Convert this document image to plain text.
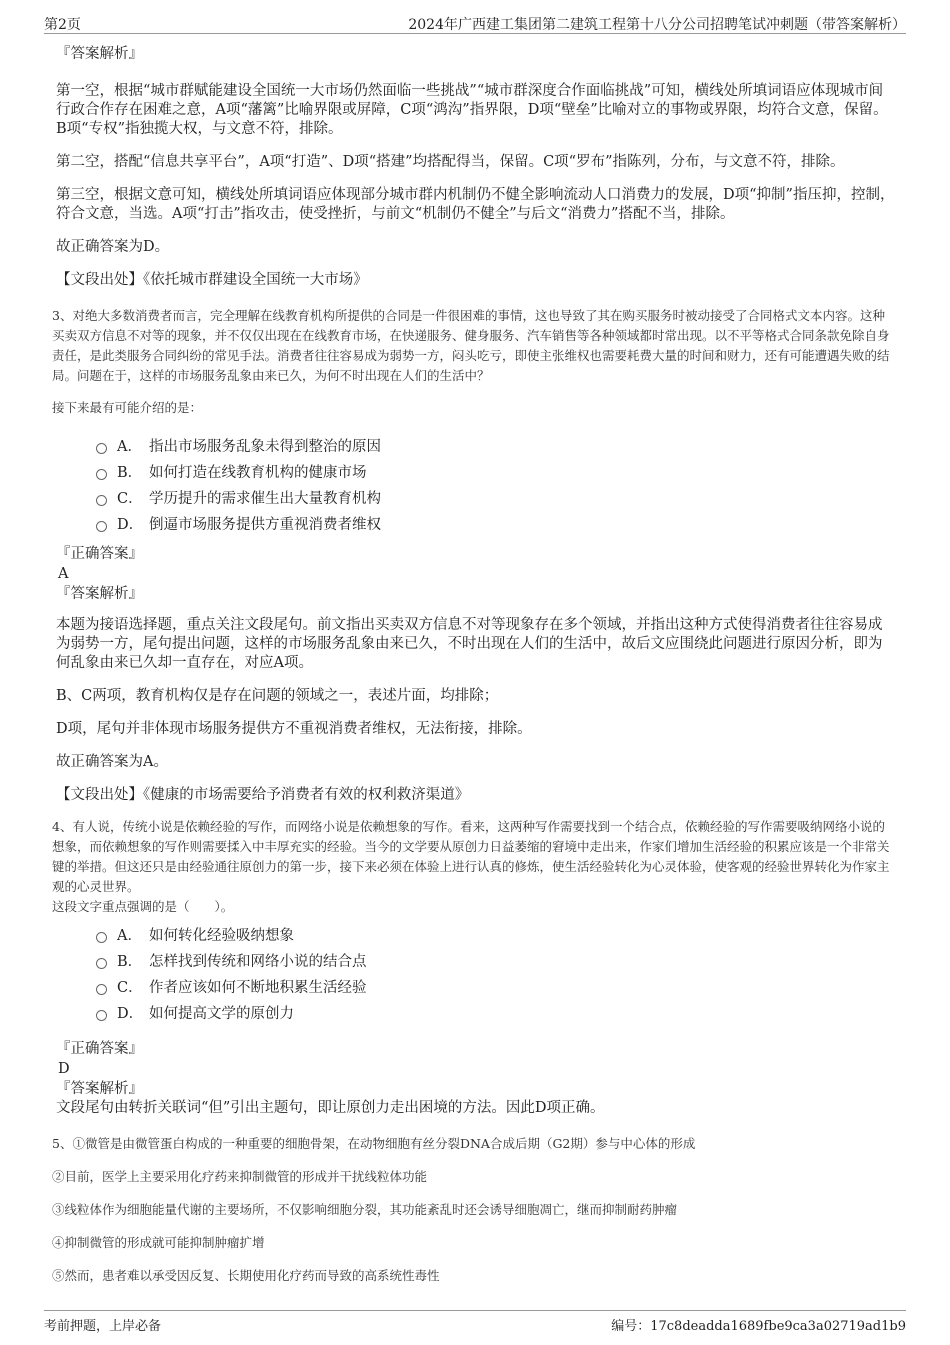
第2页	2024年广西建工集团第二建筑工程第十八分公司招聘笔试冲刺题（带答案解析）
『答案解析』
第一空，根据“城市群赋能建设全国统一大市场仍然面临一些挑战”“城市群深度合作面临挑战”可知，横线处所填词语应体现城市间行政合作存在困难之意，A项“藩篱”比喻界限或屏障，C项“鸿沟”指界限，D项“壁垒”比喻对立的事物或界限，均符合文意，保留。B项“专权”指独揽大权，与文意不符，排除。
第二空，搭配“信息共享平台”，A项“打造”、D项“搭建”均搭配得当，保留。C项“罗布”指陈列，分布，与文意不符，排除。
第三空，根据文意可知，横线处所填词语应体现部分城市群内机制仍不健全影响流动人口消费力的发展，D项“抑制”指压抑，控制，符合文意，当选。A项“打击”指攻击，使受挫折，与前文“机制仍不健全”与后文“消费力”搭配不当，排除。
故正确答案为D。
【文段出处】《依托城市群建设全国统一大市场》
3、对绝大多数消费者而言，完全理解在线教育机构所提供的合同是一件很困难的事情，这也导致了其在购买服务时被动接受了合同格式文本内容。这种买卖双方信息不对等的现象，并不仅仅出现在在线教育市场，在快递服务、健身服务、汽车销售等各种领域都时常出现。以不平等格式合同条款免除自身责任，是此类服务合同纠纷的常见手法。消费者往往容易成为弱势一方，闷头吃亏，即使主张维权也需要耗费大量的时间和财力，还有可能遭遇失败的结局。问题在于，这样的市场服务乱象由来已久，为何不时出现在人们的生活中？
接下来最有可能介绍的是：
A． 指出市场服务乱象未得到整治的原因
B． 如何打造在线教育机构的健康市场
C． 学历提升的需求催生出大量教育机构
D． 倒逼市场服务提供方重视消费者维权
『正确答案』
A
『答案解析』
本题为接语选择题，重点关注文段尾句。前文指出买卖双方信息不对等现象存在多个领域，并指出这种方式使得消费者往往容易成为弱势一方，尾句提出问题，这样的市场服务乱象由来已久，不时出现在人们的生活中，故后文应围绕此问题进行原因分析，即为何乱象由来已久却一直存在，对应A项。
B、C两项，教育机构仅是存在问题的领域之一，表述片面，均排除；
D项，尾句并非体现市场服务提供方不重视消费者维权，无法衔接，排除。
故正确答案为A。
【文段出处】《健康的市场需要给予消费者有效的权利救济渠道》
4、有人说，传统小说是依赖经验的写作，而网络小说是依赖想象的写作。看来，这两种写作需要找到一个结合点，依赖经验的写作需要吸纳网络小说的想象，而依赖想象的写作则需要揉入中丰厚充实的经验。当今的文学要从原创力日益萎缩的窘境中走出来，作家们增加生活经验的积累应该是一个非常关键的举措。但这还只是由经验通往原创力的第一步，接下来必须在体验上进行认真的修炼，使生活经验转化为心灵体验，使客观的经验世界转化为作家主观的心灵世界。
这段文字重点强调的是（　　）。
A． 如何转化经验吸纳想象
B． 怎样找到传统和网络小说的结合点
C． 作者应该如何不断地积累生活经验
D． 如何提高文学的原创力
『正确答案』
D
『答案解析』
文段尾句由转折关联词“但”引出主题句，即让原创力走出困境的方法。因此D项正确。
5、①微管是由微管蛋白构成的一种重要的细胞骨架，在动物细胞有丝分裂DNA合成后期（G2期）参与中心体的形成
②目前，医学上主要采用化疗药来抑制微管的形成并干扰线粒体功能
③线粒体作为细胞能量代谢的主要场所，不仅影响细胞分裂，其功能紊乱时还会诱导细胞凋亡，继而抑制耐药肿瘤
④抑制微管的形成就可能抑制肿瘤扩增
⑤然而，患者难以承受因反复、长期使用化疗药而导致的高系统性毒性
考前押题，上岸必备	编号：17c8deadda1689fbe9ca3a02719ad1b9
